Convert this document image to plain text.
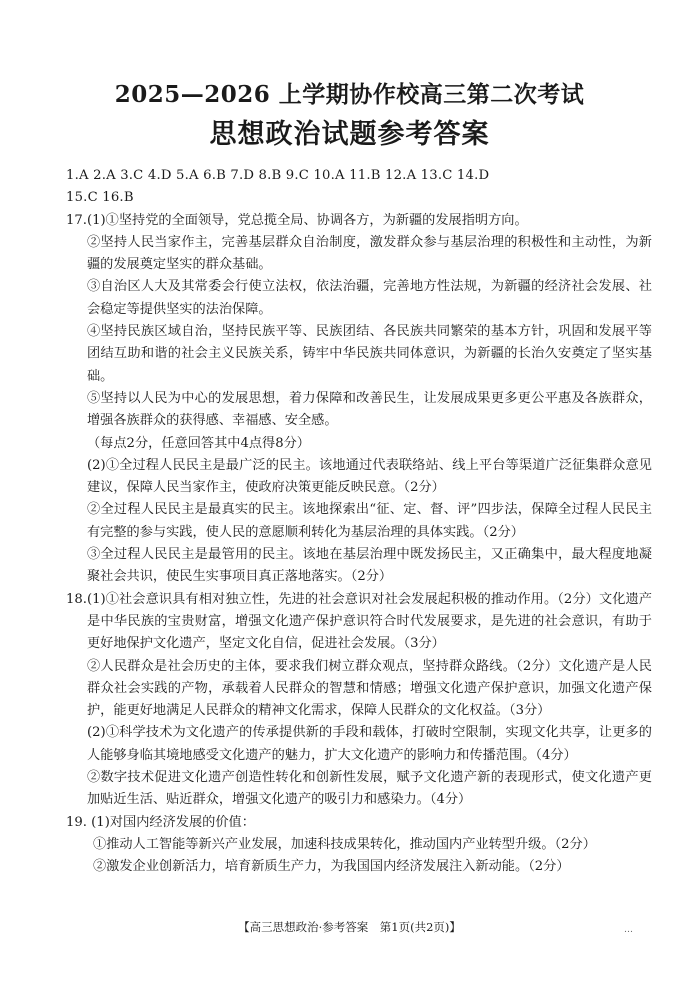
2025—2026 上学期协作校高三第二次考试
思想政治试题参考答案
1.A 2.A 3.C 4.D 5.A 6.B 7.D 8.B 9.C 10.A 11.B 12.A 13.C 14.D
15.C 16.B
17.(1)①坚持党的全面领导，党总揽全局、协调各方，为新疆的发展指明方向。
②坚持人民当家作主，完善基层群众自治制度，激发群众参与基层治理的积极性和主动性，为新疆的发展奠定坚实的群众基础。
③自治区人大及其常委会行使立法权，依法治疆，完善地方性法规，为新疆的经济社会发展、社会稳定等提供坚实的法治保障。
④坚持民族区域自治，坚持民族平等、民族团结、各民族共同繁荣的基本方针，巩固和发展平等团结互助和谐的社会主义民族关系，铸牢中华民族共同体意识，为新疆的长治久安奠定了坚实基础。
⑤坚持以人民为中心的发展思想，着力保障和改善民生，让发展成果更多更公平惠及各族群众，增强各族群众的获得感、幸福感、安全感。
（每点2分，任意回答其中4点得8分）
(2)①全过程人民民主是最广泛的民主。该地通过代表联络站、线上平台等渠道广泛征集群众意见建议，保障人民当家作主，使政府决策更能反映民意。（2分）
②全过程人民民主是最真实的民主。该地探索出“征、定、督、评”四步法，保障全过程人民民主有完整的参与实践，使人民的意愿顺利转化为基层治理的具体实践。（2分）
③全过程人民民主是最管用的民主。该地在基层治理中既发扬民主，又正确集中，最大程度地凝聚社会共识，使民生实事项目真正落地落实。（2分）
18.(1)①社会意识具有相对独立性，先进的社会意识对社会发展起积极的推动作用。（2分）文化遗产是中华民族的宝贵财富，增强文化遗产保护意识符合时代发展要求，是先进的社会意识，有助于更好地保护文化遗产，坚定文化自信，促进社会发展。（3分）
②人民群众是社会历史的主体，要求我们树立群众观点，坚持群众路线。（2分）文化遗产是人民群众社会实践的产物，承载着人民群众的智慧和情感；增强文化遗产保护意识，加强文化遗产保护，能更好地满足人民群众的精神文化需求，保障人民群众的文化权益。（3分）
(2)①科学技术为文化遗产的传承提供新的手段和载体，打破时空限制，实现文化共享，让更多的人能够身临其境地感受文化遗产的魅力，扩大文化遗产的影响力和传播范围。（4分）
②数字技术促进文化遗产创造性转化和创新性发展，赋予文化遗产新的表现形式，使文化遗产更加贴近生活、贴近群众，增强文化遗产的吸引力和感染力。（4分）
19. (1)对国内经济发展的价值：
①推动人工智能等新兴产业发展，加速科技成果转化，推动国内产业转型升级。（2分）
②激发企业创新活力，培育新质生产力，为我国国内经济发展注入新动能。（2分）
【高三思想政治·参考答案　第1页(共2页)】	…
